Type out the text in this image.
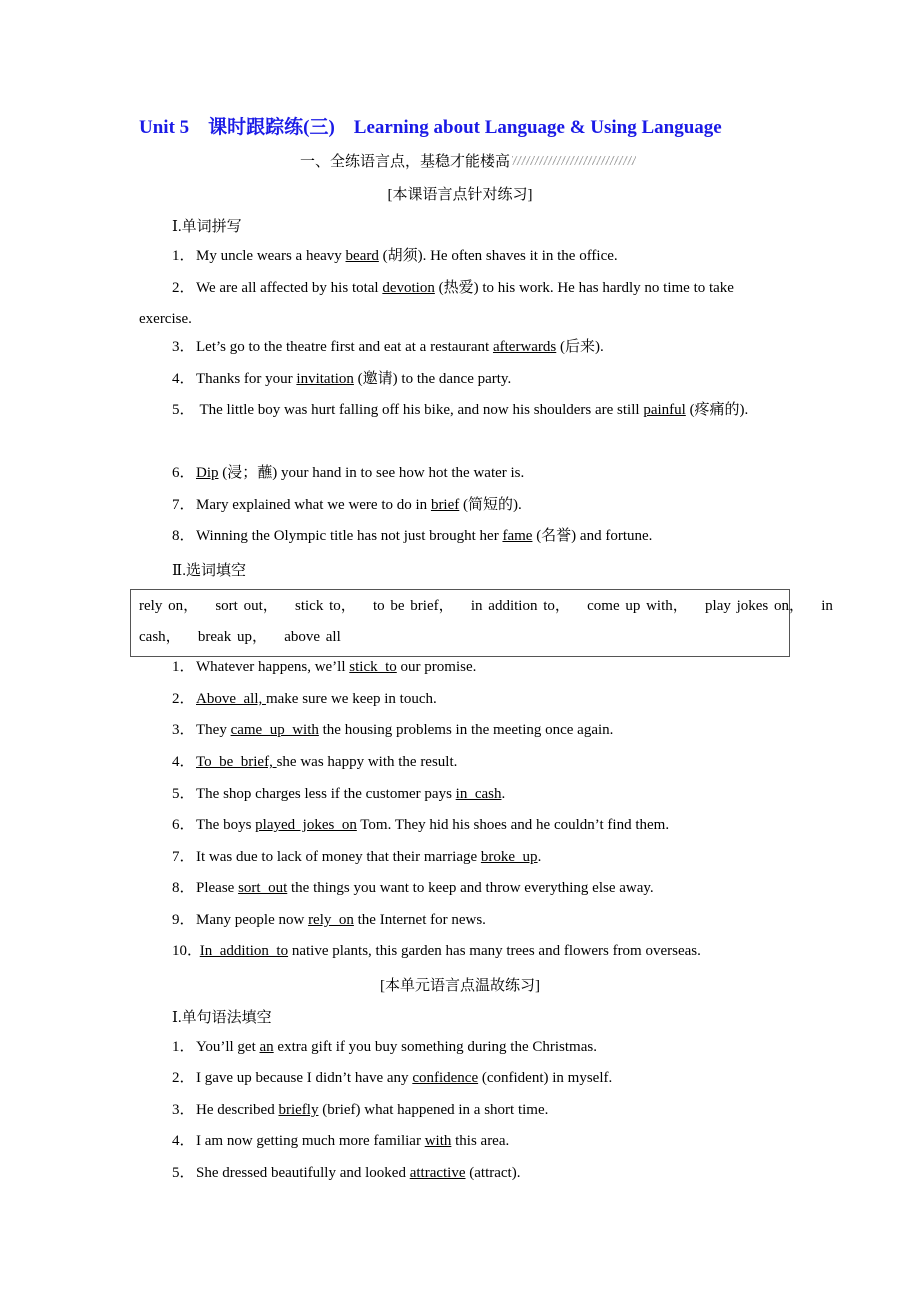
Unit 5　课时跟踪练(三)　Learning about Language & Using Language
一、全练语言点，基稳才能楼高
[本课语言点针对练习]
Ⅰ.单词拼写
1．My uncle wears a heavy beard (胡须). He often shaves it in the office.
2．We are all affected by his total devotion (热爱) to his work. He has hardly no time to take exercise.
3．Let’s go to the theatre first and eat at a restaurant afterwards (后来).
4．Thanks for your invitation (邀请) to the dance party.
5． The little boy was hurt falling off his bike, and now his shoulders are still painful (疼痛的).
6．Dip (浸；蘸) your hand in to see how hot the water is.
7．Mary explained what we were to do in brief (简短的).
8．Winning the Olympic title has not just brought her fame (名誉) and fortune.
Ⅱ.选词填空
rely on，   sort out，   stick to，   to be brief，   in addition to，   come up with，   play jokes on，   in
cash，   break up，   above all
1．Whatever happens, we’ll stick  to our promise.
2．Above  all, make sure we keep in touch.
3．They came  up  with the housing problems in the meeting once again.
4．To  be  brief, she was happy with the result.
5．The shop charges less if the customer pays in  cash.
6．The boys played  jokes  on Tom. They hid his shoes and he couldn’t find them.
7．It was due to lack of money that their marriage broke  up.
8．Please sort  out the things you want to keep and throw everything else away.
9．Many people now rely  on the Internet for news.
10． In  addition  to native plants, this garden has many trees and flowers from overseas.
[本单元语言点温故练习]
Ⅰ.单句语法填空
1．You’ll get an extra gift if you buy something during the Christmas.
2．I gave up because I didn’t have any confidence (confident) in myself.
3．He described briefly (brief) what happened in a short time.
4．I am now getting much more familiar with this area.
5．She dressed beautifully and looked attractive (attract).
